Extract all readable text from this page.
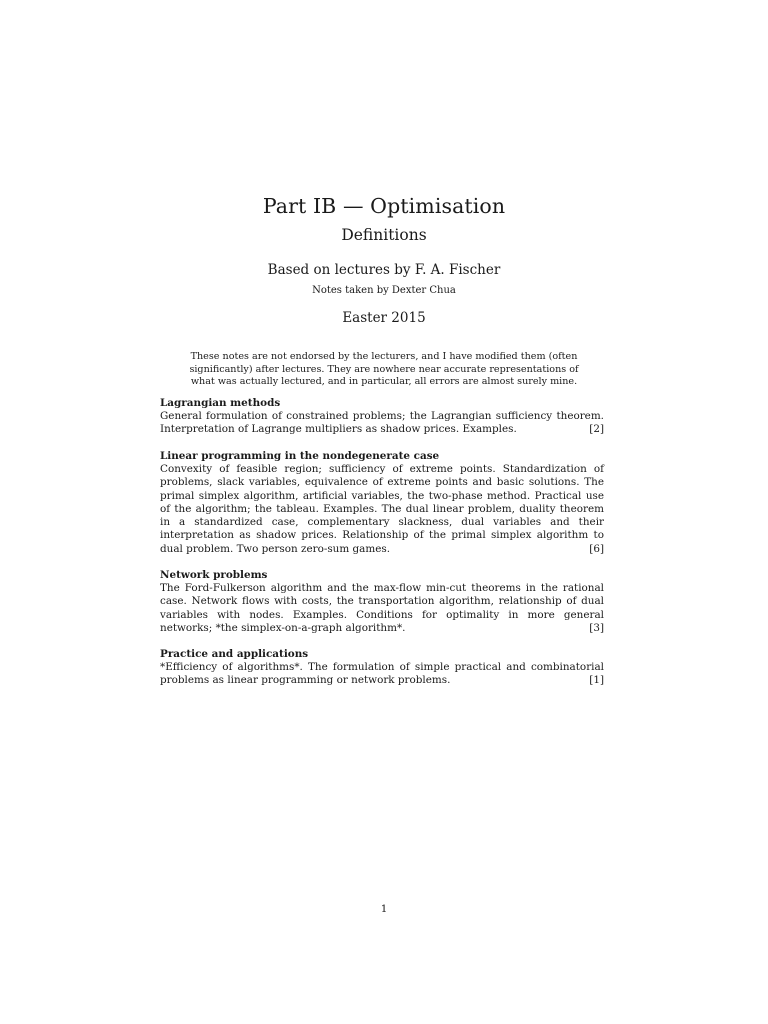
Part IB — Optimisation
Definitions
Based on lectures by F. A. Fischer
Notes taken by Dexter Chua
Easter 2015
These notes are not endorsed by the lecturers, and I have modified them (often significantly) after lectures. They are nowhere near accurate representations of what was actually lectured, and in particular, all errors are almost surely mine.

Lagrangian methods

General formulation of constrained problems; the Lagrangian sufficiency theorem. Interpretation of Lagrange multipliers as shadow prices. Examples.	[2]

Linear programming in the nondegenerate case

Convexity of feasible region; sufficiency of extreme points. Standardization of problems, slack variables, equivalence of extreme points and basic solutions. The primal simplex algorithm, artificial variables, the two-phase method. Practical use of the algorithm; the tableau. Examples. The dual linear problem, duality theorem in a standardized case, complementary slackness, dual variables and their interpretation as shadow prices. Relationship of the primal simplex algorithm to dual problem. Two person zero-sum games.	[6]

Network problems

The Ford-Fulkerson algorithm and the max-flow min-cut theorems in the rational case. Network flows with costs, the transportation algorithm, relationship of dual variables with nodes. Examples. Conditions for optimality in more general networks; *the simplex-on-a-graph algorithm*.	[3]

Practice and applications

*Efficiency of algorithms*. The formulation of simple practical and combinatorial problems as linear programming or network problems.	[1]

1
